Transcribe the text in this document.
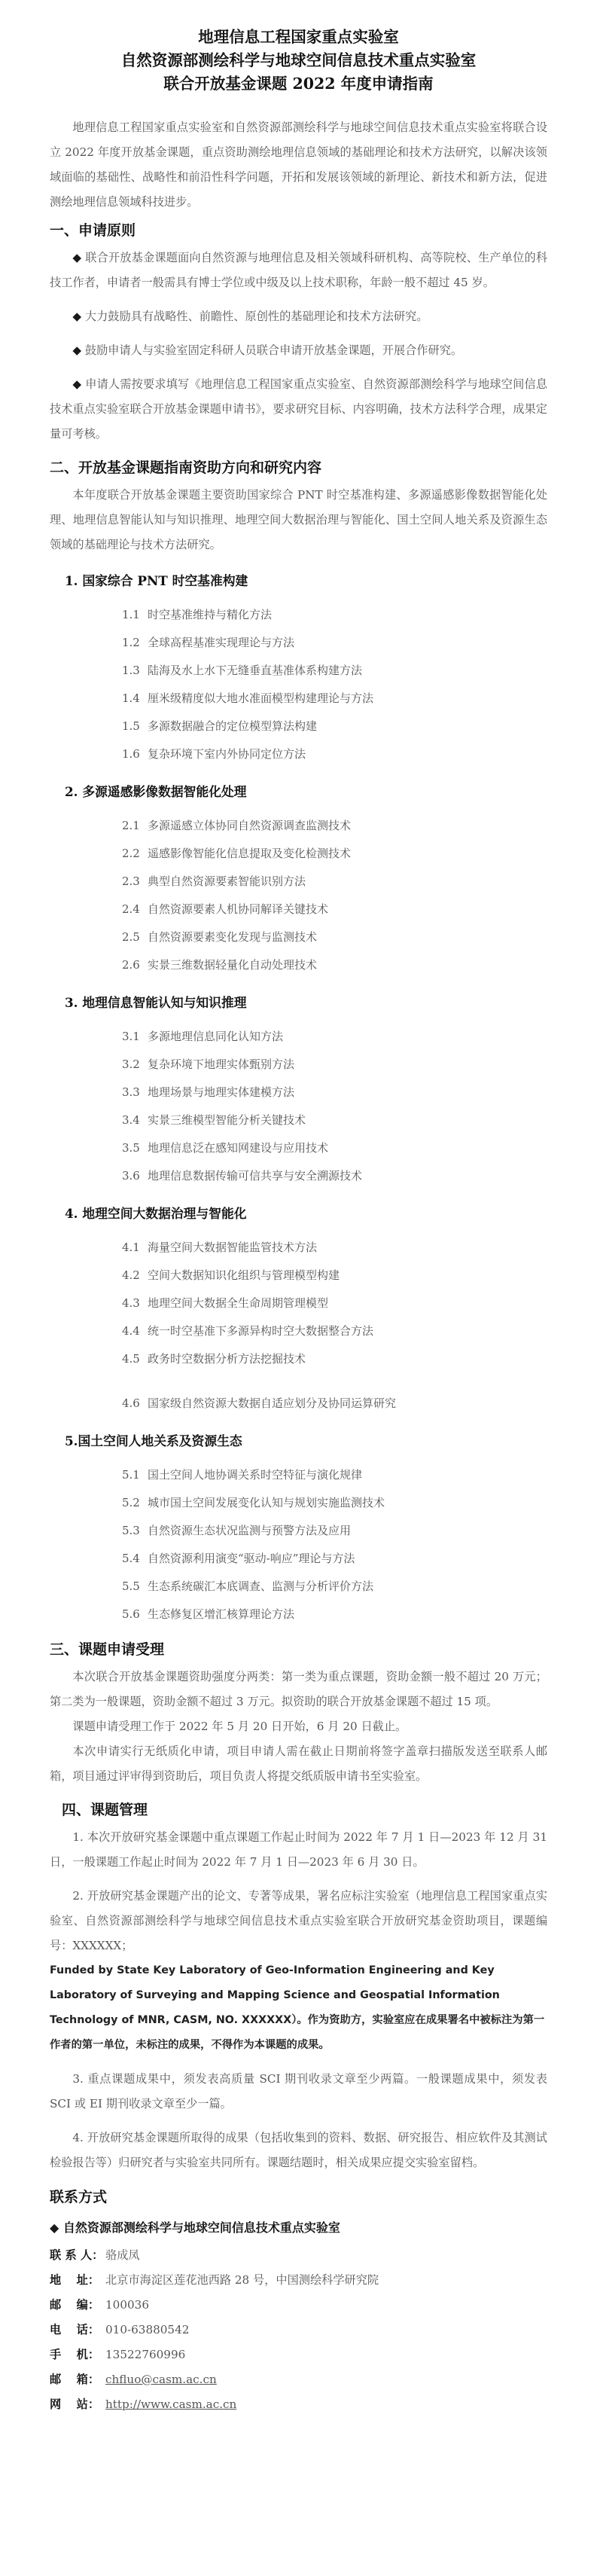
地理信息工程国家重点实验室
自然资源部测绘科学与地球空间信息技术重点实验室
联合开放基金课题 2022 年度申请指南

地理信息工程国家重点实验室和自然资源部测绘科学与地球空间信息技术重点实验室将联合设立 2022 年度开放基金课题，重点资助测绘地理信息领域的基础理论和技术方法研究，以解决该领域面临的基础性、战略性和前沿性科学问题，开拓和发展该领域的新理论、新技术和新方法，促进测绘地理信息领域科技进步。

一、申请原则

◆ 联合开放基金课题面向自然资源与地理信息及相关领域科研机构、高等院校、生产单位的科技工作者，申请者一般需具有博士学位或中级及以上技术职称，年龄一般不超过 45 岁。

◆ 大力鼓励具有战略性、前瞻性、原创性的基础理论和技术方法研究。

◆ 鼓励申请人与实验室固定科研人员联合申请开放基金课题，开展合作研究。

◆ 申请人需按要求填写《地理信息工程国家重点实验室、自然资源部测绘科学与地球空间信息技术重点实验室联合开放基金课题申请书》，要求研究目标、内容明确，技术方法科学合理，成果定量可考核。

二、开放基金课题指南资助方向和研究内容

本年度联合开放基金课题主要资助国家综合 PNT 时空基准构建、多源遥感影像数据智能化处理、地理信息智能认知与知识推理、地理空间大数据治理与智能化、国土空间人地关系及资源生态领域的基础理论与技术方法研究。

1. 国家综合 PNT 时空基准构建
1.1 时空基准维持与精化方法
1.2 全球高程基准实现理论与方法
1.3 陆海及水上水下无缝垂直基准体系构建方法
1.4 厘米级精度似大地水准面模型构建理论与方法
1.5 多源数据融合的定位模型算法构建
1.6 复杂环境下室内外协同定位方法
2. 多源遥感影像数据智能化处理
2.1 多源遥感立体协同自然资源调查监测技术
2.2 遥感影像智能化信息提取及变化检测技术
2.3 典型自然资源要素智能识别方法
2.4 自然资源要素人机协同解译关键技术
2.5 自然资源要素变化发现与监测技术
2.6 实景三维数据轻量化自动处理技术
3. 地理信息智能认知与知识推理
3.1 多源地理信息同化认知方法
3.2 复杂环境下地理实体甄别方法
3.3 地理场景与地理实体建模方法
3.4 实景三维模型智能分析关键技术
3.5 地理信息泛在感知网建设与应用技术
3.6 地理信息数据传输可信共享与安全溯源技术
4. 地理空间大数据治理与智能化
4.1 海量空间大数据智能监管技术方法
4.2 空间大数据知识化组织与管理模型构建
4.3 地理空间大数据全生命周期管理模型
4.4 统一时空基准下多源异构时空大数据整合方法
4.5 政务时空数据分析方法挖掘技术
4.6 国家级自然资源大数据自适应划分及协同运算研究
5.国土空间人地关系及资源生态
5.1 国土空间人地协调关系时空特征与演化规律
5.2 城市国土空间发展变化认知与规划实施监测技术
5.3 自然资源生态状况监测与预警方法及应用
5.4 自然资源利用演变“驱动-响应”理论与方法
5.5 生态系统碳汇本底调查、监测与分析评价方法
5.6 生态修复区增汇核算理论方法
三、课题申请受理

本次联合开放基金课题资助强度分两类：第一类为重点课题，资助金额一般不超过 20 万元；第二类为一般课题，资助金额不超过 3 万元。拟资助的联合开放基金课题不超过 15 项。

课题申请受理工作于 2022 年 5 月 20 日开始，6 月 20 日截止。

本次申请实行无纸质化申请，项目申请人需在截止日期前将签字盖章扫描版发送至联系人邮箱，项目通过评审得到资助后，项目负责人将提交纸质版申请书至实验室。

四、课题管理

1. 本次开放研究基金课题中重点课题工作起止时间为 2022 年 7 月 1 日—2023 年 12 月 31 日，一般课题工作起止时间为 2022 年 7 月 1 日—2023 年 6 月 30 日。

2. 开放研究基金课题产出的论文、专著等成果，署名应标注实验室（地理信息工程国家重点实验室、自然资源部测绘科学与地球空间信息技术重点实验室联合开放研究基金资助项目，课题编号：XXXXXX；

Funded by State Key Laboratory of Geo-Information Engineering and Key Laboratory of Surveying and Mapping Science and Geospatial Information Technology of MNR, CASM, NO. XXXXXX）。作为资助方，实验室应在成果署名中被标注为第一作者的第一单位，未标注的成果，不得作为本课题的成果。

3. 重点课题成果中，须发表高质量 SCI 期刊收录文章至少两篇。一般课题成果中，须发表 SCI 或 EI 期刊收录文章至少一篇。

4. 开放研究基金课题所取得的成果（包括收集到的资料、数据、研究报告、相应软件及其测试检验报告等）归研究者与实验室共同所有。课题结题时，相关成果应提交实验室留档。

联系方式
◆ 自然资源部测绘科学与地球空间信息技术重点实验室
联 系 人： 骆成凤
地　 址： 北京市海淀区莲花池西路 28 号，中国测绘科学研究院
邮　 编： 100036
电　 话： 010-63880542
手　 机： 13522760996
邮　 箱： chfluo@casm.ac.cn
网　 站： http://www.casm.ac.cn
